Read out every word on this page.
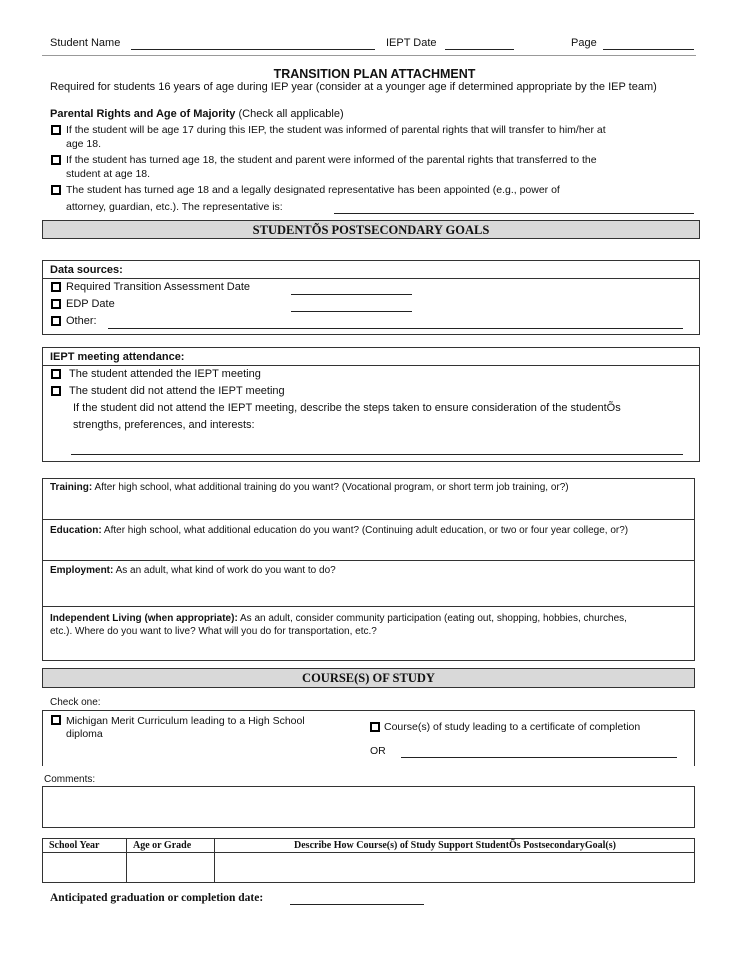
Student Name	IEPT Date	Page
TRANSITION PLAN ATTACHMENT
Required for students 16 years of age during IEP year (consider at a younger age if determined appropriate by the IEP team)
Parental Rights and Age of Majority (Check all applicable)
If the student will be age 17 during this IEP, the student was informed of parental rights that will transfer to him/her at
age 18.
If the student has turned age 18, the student and parent were informed of the parental rights that transferred to the
student at age 18.
The student has turned age 18 and a legally designated representative has been appointed (e.g., power of
attorney, guardian, etc.). The representative is:
STUDENTÕS POSTSECONDARY GOALS
Data sources:
Required Transition Assessment Date
EDP Date
Other:
IEPT meeting attendance:
The student attended the IEPT meeting
The student did not attend the IEPT meeting
If the student did not attend the IEPT meeting, describe the steps taken to ensure consideration of the studentÕs
strengths, preferences, and interests:
Training: After high school, what additional training do you want? (Vocational program, or short term job training, or?)
Education: After high school, what additional education do you want? (Continuing adult education, or two or four year college, or?)
Employment: As an adult, what kind of work do you want to do?
Independent Living (when appropriate): As an adult, consider community participation (eating out, shopping, hobbies, churches,
etc.). Where do you want to live? What will you do for transportation, etc.?
COURSE(S) OF STUDY
Check one:
Michigan Merit Curriculum leading to a High School
diploma
Course(s) of study leading to a certificate of completion
OR
Comments:
School Year	Age or Grade	Describe How Course(s) of Study Support StudentÕs PostsecondaryGoal(s)
Anticipated graduation or completion date:
